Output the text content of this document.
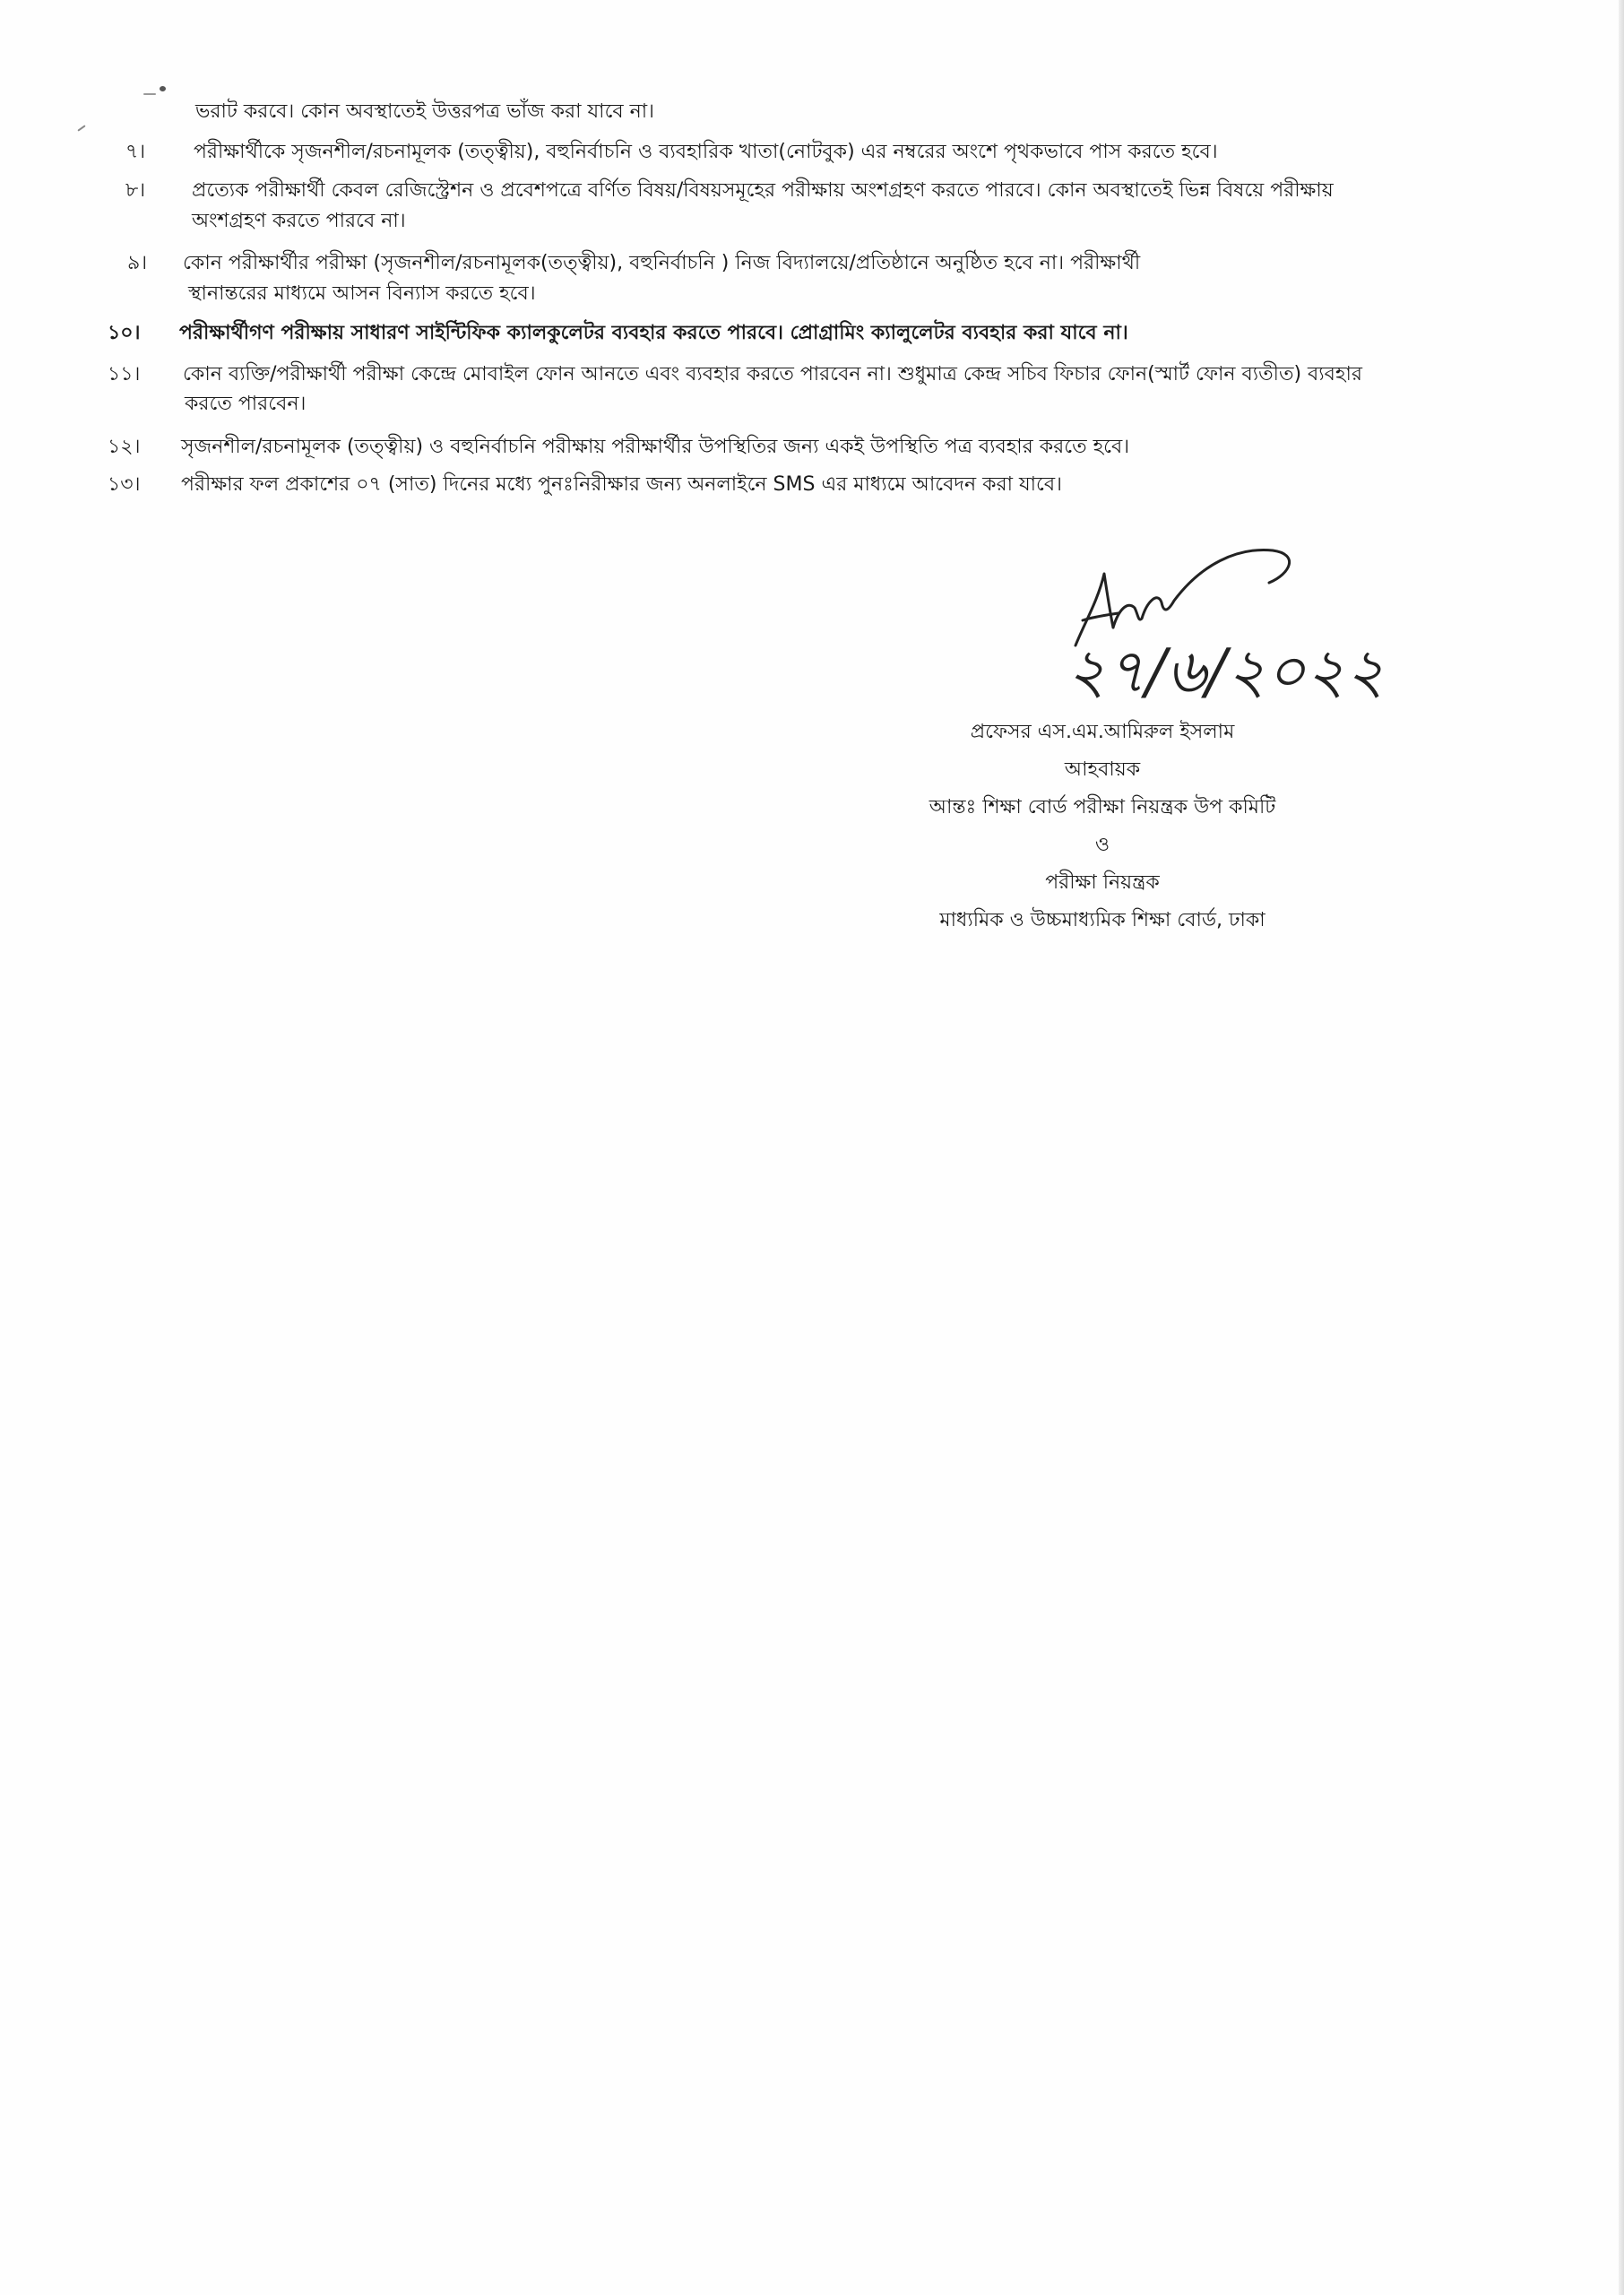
ভরাট করবে। কোন অবস্থাতেই উত্তরপত্র ভাঁজ করা যাবে না।
৭। পরীক্ষার্থীকে সৃজনশীল/রচনামূলক (তত্ত্বীয়), বহুনির্বাচনি ও ব্যবহারিক খাতা(নোটবুক) এর নম্বরের অংশে পৃথকভাবে পাস করতে হবে।
৮। প্রত্যেক পরীক্ষার্থী কেবল রেজিস্ট্রেশন ও প্রবেশপত্রে বর্ণিত বিষয়/বিষয়সমূহের পরীক্ষায় অংশগ্রহণ করতে পারবে। কোন অবস্থাতেই ভিন্ন বিষয়ে পরীক্ষায়
অংশগ্রহণ করতে পারবে না।
৯। কোন পরীক্ষার্থীর পরীক্ষা (সৃজনশীল/রচনামূলক(তত্ত্বীয়), বহুনির্বাচনি ) নিজ বিদ্যালয়ে/প্রতিষ্ঠানে অনুষ্ঠিত হবে না। পরীক্ষার্থী
স্থানান্তরের মাধ্যমে আসন বিন্যাস করতে হবে।
১০। পরীক্ষার্থীগণ পরীক্ষায় সাধারণ সাইন্টিফিক ক্যালকুলেটর ব্যবহার করতে পারবে। প্রোগ্রামিং ক্যালুলেটর ব্যবহার করা যাবে না।
১১। কোন ব্যক্তি/পরীক্ষার্থী পরীক্ষা কেন্দ্রে মোবাইল ফোন আনতে এবং ব্যবহার করতে পারবেন না। শুধুমাত্র কেন্দ্র সচিব ফিচার ফোন(স্মার্ট ফোন ব্যতীত) ব্যবহার
করতে পারবেন।
১২। সৃজনশীল/রচনামূলক (তত্ত্বীয়) ও বহুনির্বাচনি পরীক্ষায় পরীক্ষার্থীর উপস্থিতির জন্য একই উপস্থিতি পত্র ব্যবহার করতে হবে।
১৩। পরীক্ষার ফল প্রকাশের ০৭ (সাত) দিনের মধ্যে পুনঃনিরীক্ষার জন্য অনলাইনে SMS এর মাধ্যমে আবেদন করা যাবে।
২৭/৬/২০২২
প্রফেসর এস.এম.আমিরুল ইসলাম
আহবায়ক
আন্তঃ শিক্ষা বোর্ড পরীক্ষা নিয়ন্ত্রক উপ কমিটি
ও
পরীক্ষা নিয়ন্ত্রক
মাধ্যমিক ও উচ্চমাধ্যমিক শিক্ষা বোর্ড, ঢাকা
